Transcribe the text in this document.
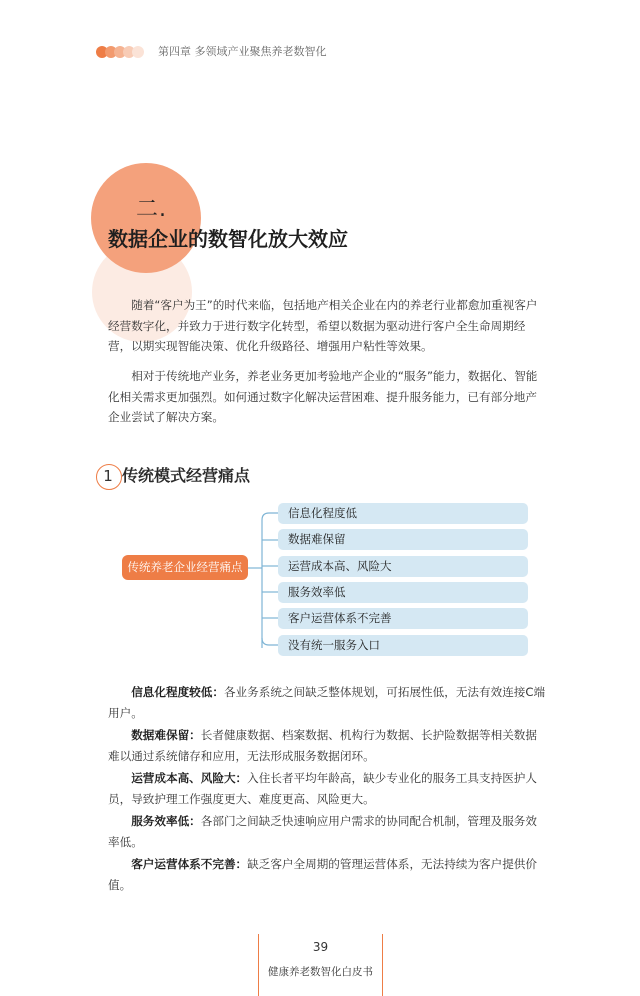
第四章 多领域产业聚焦养老数智化
二.
数据企业的数智化放大效应

随着“客户为王”的时代来临，包括地产相关企业在内的养老行业都愈加重视客户经营数字化，并致力于进行数字化转型，希望以数据为驱动进行客户全生命周期经营，以期实现智能决策、优化升级路径、增强用户粘性等效果。

相对于传统地产业务，养老业务更加考验地产企业的“服务”能力，数据化、智能化相关需求更加强烈。如何通过数字化解决运营困难、提升服务能力，已有部分地产企业尝试了解决方案。

1 传统模式经营痛点
传统养老企业经营痛点
信息化程度低
数据难保留
运营成本高、风险大
服务效率低
客户运营体系不完善
没有统一服务入口

信息化程度较低：各业务系统之间缺乏整体规划，可拓展性低，无法有效连接C端用户。

数据难保留：长者健康数据、档案数据、机构行为数据、长护险数据等相关数据难以通过系统储存和应用，无法形成服务数据闭环。

运营成本高、风险大：入住长者平均年龄高，缺少专业化的服务工具支持医护人员，导致护理工作强度更大、难度更高、风险更大。

服务效率低：各部门之间缺乏快速响应用户需求的协同配合机制，管理及服务效率低。

客户运营体系不完善：缺乏客户全周期的管理运营体系，无法持续为客户提供价值。

39
健康养老数智化白皮书
